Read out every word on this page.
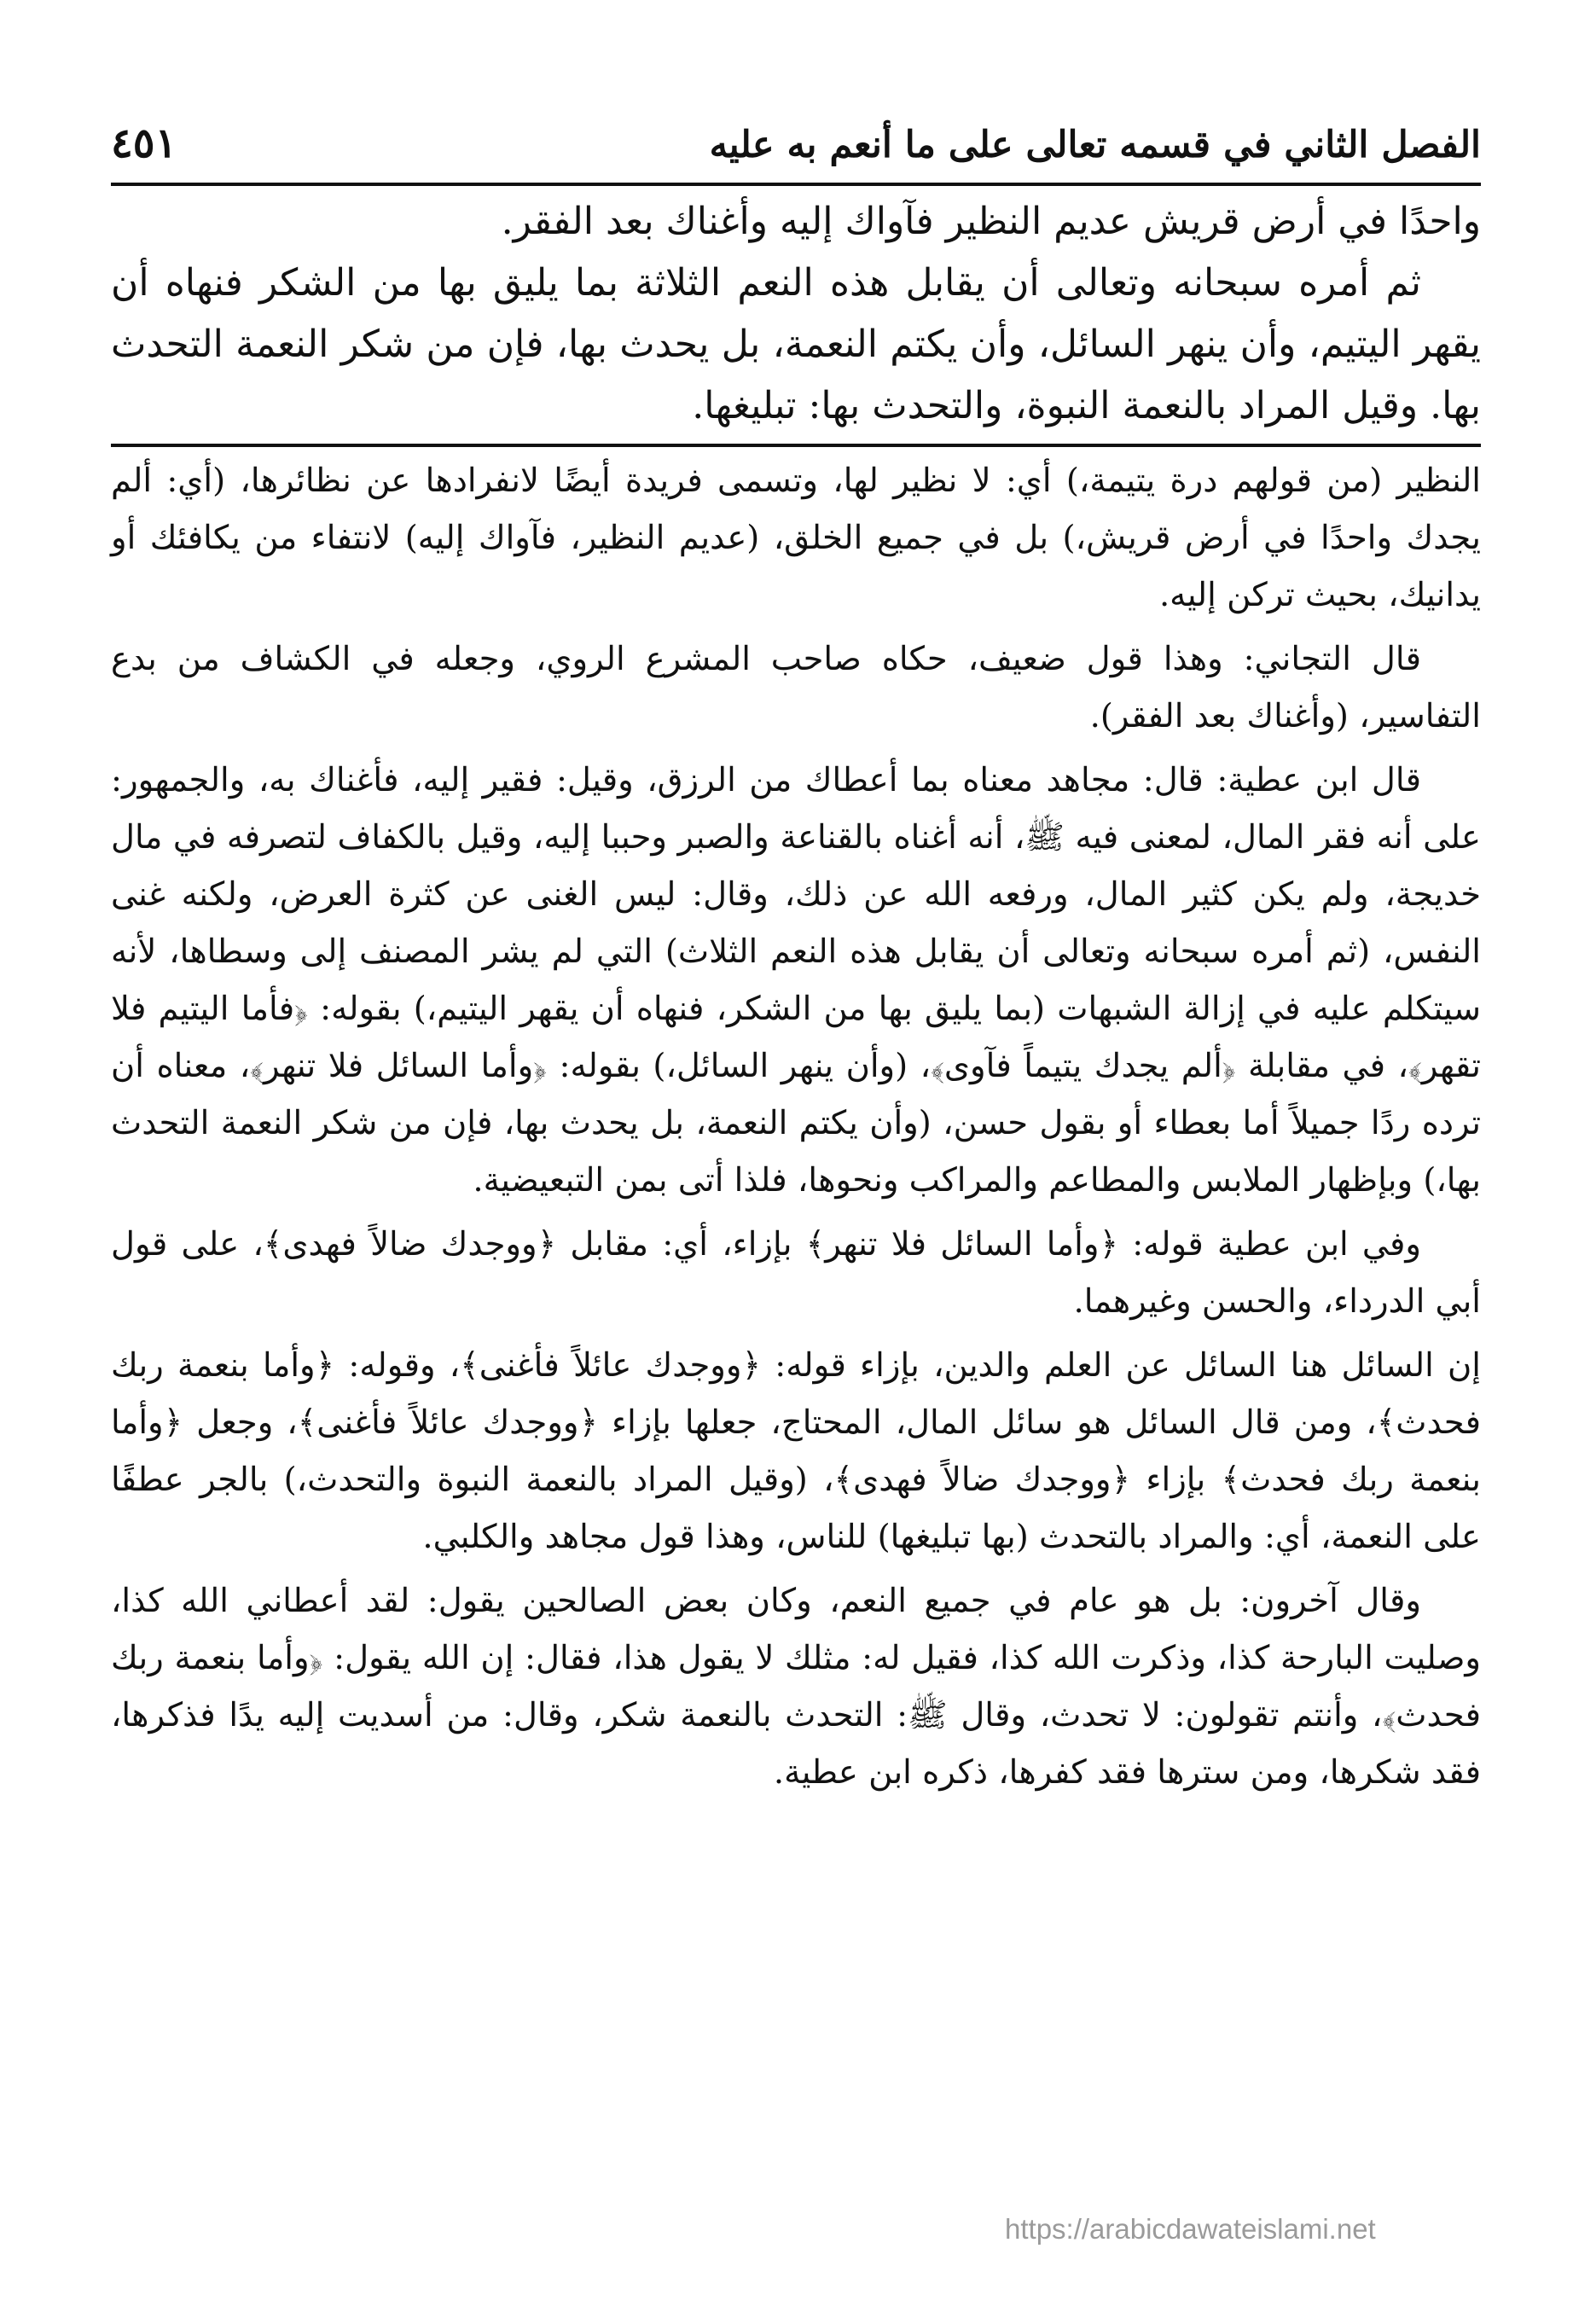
الفصل الثاني في قسمه تعالى على ما أنعم به عليه
٤٥١

واحدًا في أرض قريش عديم النظير فآواك إليه وأغناك بعد الفقر.

ثم أمره سبحانه وتعالى أن يقابل هذه النعم الثلاثة بما يليق بها من الشكر فنهاه أن يقهر اليتيم، وأن ينهر السائل، وأن يكتم النعمة، بل يحدث بها، فإن من شكر النعمة التحدث بها. وقيل المراد بالنعمة النبوة، والتحدث بها: تبليغها.

النظير (من قولهم درة يتيمة،) أي: لا نظير لها، وتسمى فريدة أيضًا لانفرادها عن نظائرها، (أي: ألم يجدك واحدًا في أرض قريش،) بل في جميع الخلق، (عديم النظير، فآواك إليه) لانتفاء من يكافئك أو يدانيك، بحيث تركن إليه.

قال التجاني: وهذا قول ضعيف، حكاه صاحب المشرع الروي، وجعله في الكشاف من بدع التفاسير، (وأغناك بعد الفقر).

قال ابن عطية: قال: مجاهد معناه بما أعطاك من الرزق، وقيل: فقير إليه، فأغناك به، والجمهور: على أنه فقر المال، لمعنى فيه ﷺ، أنه أغناه بالقناعة والصبر وحببا إليه، وقيل بالكفاف لتصرفه في مال خديجة، ولم يكن كثير المال، ورفعه الله عن ذلك، وقال: ليس الغنى عن كثرة العرض، ولكنه غنى النفس، (ثم أمره سبحانه وتعالى أن يقابل هذه النعم الثلاث) التي لم يشر المصنف إلى وسطاها، لأنه سيتكلم عليه في إزالة الشبهات (بما يليق بها من الشكر، فنهاه أن يقهر اليتيم،) بقوله: ﴿فأما اليتيم فلا تقهر﴾، في مقابلة ﴿ألم يجدك يتيماً فآوى﴾، (وأن ينهر السائل،) بقوله: ﴿وأما السائل فلا تنهر﴾، معناه أن ترده ردًا جميلاً أما بعطاء أو بقول حسن، (وأن يكتم النعمة، بل يحدث بها، فإن من شكر النعمة التحدث بها،) وبإظهار الملابس والمطاعم والمراكب ونحوها، فلذا أتى بمن التبعيضية.

وفي ابن عطية قوله: ﴿وأما السائل فلا تنهر﴾ بإزاء، أي: مقابل ﴿ووجدك ضالاً فهدى﴾، على قول أبي الدرداء، والحسن وغيرهما.

إن السائل هنا السائل عن العلم والدين، بإزاء قوله: ﴿ووجدك عائلاً فأغنى﴾، وقوله: ﴿وأما بنعمة ربك فحدث﴾، ومن قال السائل هو سائل المال، المحتاج، جعلها بإزاء ﴿ووجدك عائلاً فأغنى﴾، وجعل ﴿وأما بنعمة ربك فحدث﴾ بإزاء ﴿ووجدك ضالاً فهدى﴾، (وقيل المراد بالنعمة النبوة والتحدث،) بالجر عطفًا على النعمة، أي: والمراد بالتحدث (بها تبليغها) للناس، وهذا قول مجاهد والكلبي.

وقال آخرون: بل هو عام في جميع النعم، وكان بعض الصالحين يقول: لقد أعطاني الله كذا، وصليت البارحة كذا، وذكرت الله كذا، فقيل له: مثلك لا يقول هذا، فقال: إن الله يقول: ﴿وأما بنعمة ربك فحدث﴾، وأنتم تقولون: لا تحدث، وقال ﷺ: التحدث بالنعمة شكر، وقال: من أسديت إليه يدًا فذكرها، فقد شكرها، ومن سترها فقد كفرها، ذكره ابن عطية.

https://arabicdawateislami.net
